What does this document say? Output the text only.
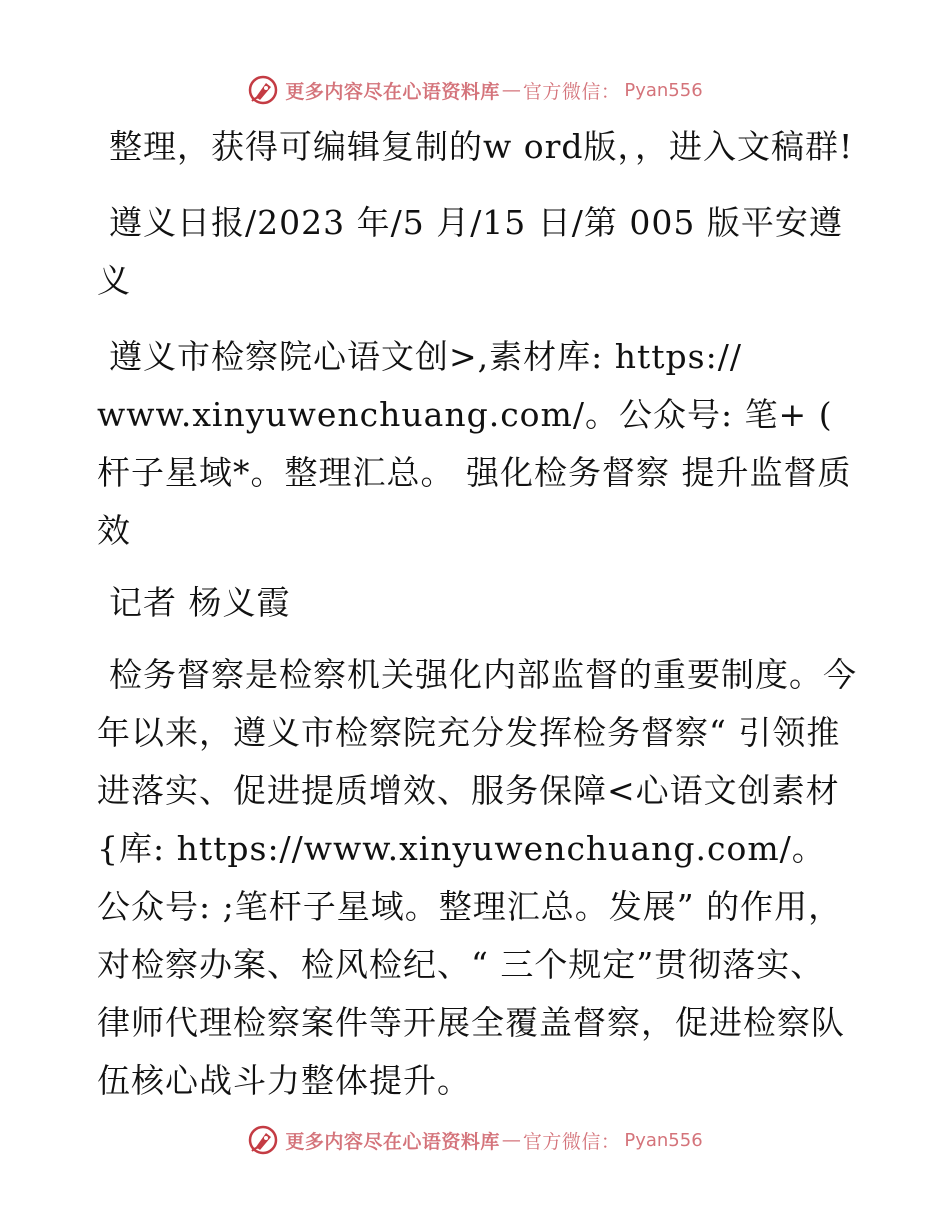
更多内容尽在心语资料库 — 官方微信： Pyan556

整理，获得可编辑复制的w ord版，，进入文稿群!

遵义日报/2023 年/5 月/15 日/第 005 版平安遵义

遵义市检察院心语文创>,素材库: https:// www.xinyuwenchuang.com/。公众号: 笔+ ( 杆子星域*。整理汇总。 强化检务督察 提升监督质效

记者 杨义霞

检务督察是检察机关强化内部监督的重要制度。今年以来，遵义市检察院充分发挥检务督察“ 引领推进落实、促进提质增效、服务保障<心语文创素材{库: https://www.xinyuwenchuang.com/。公众号: ;笔杆子星域。整理汇总。发展” 的作用，对检察办案、检风检纪、“ 三个规定”贯彻落实、律师代理检察案件等开展全覆盖督察，促进检察队伍核心战斗力整体提升。

更多内容尽在心语资料库 — 官方微信： Pyan556
